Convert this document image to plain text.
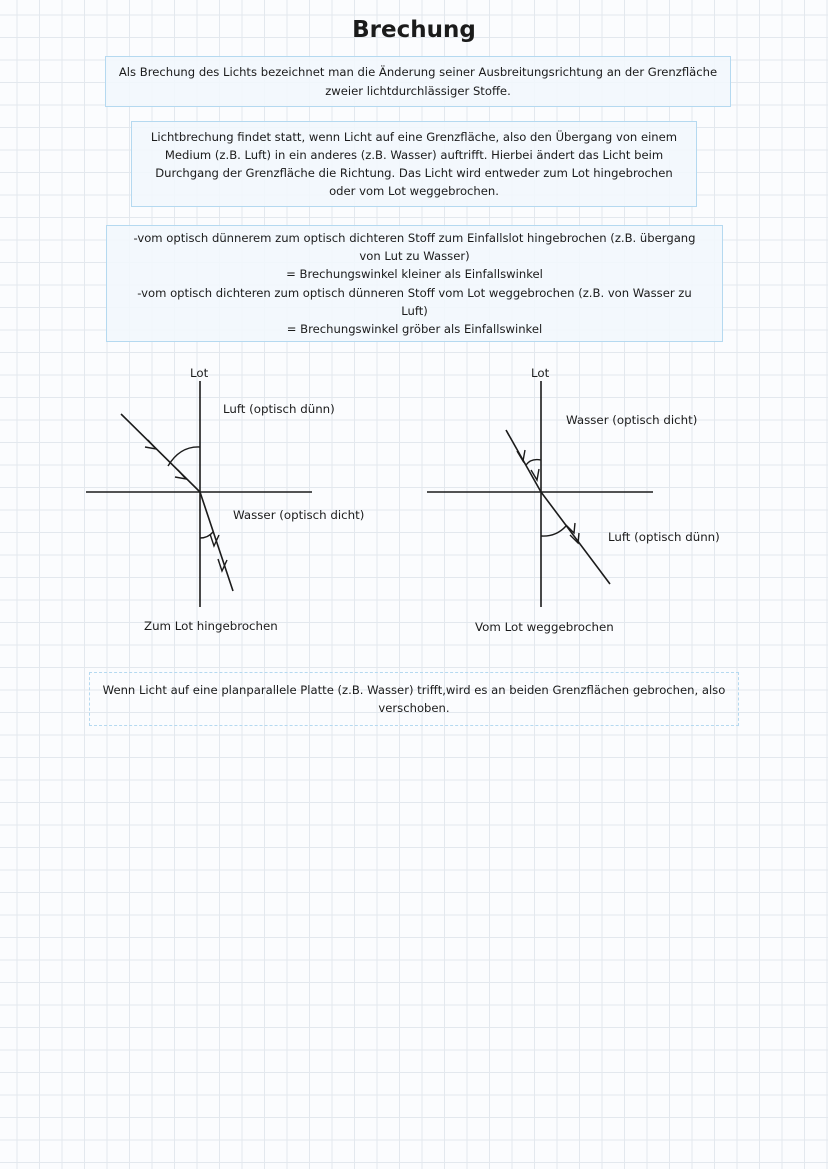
Brechung
Als Brechung des Lichts bezeichnet man die Änderung seiner Ausbreitungsrichtung an der Grenzfläche
zweier lichtdurchlässiger Stoffe.
Lichtbrechung findet statt, wenn Licht auf eine Grenzfläche, also den Übergang von einem
Medium (z.B. Luft) in ein anderes (z.B. Wasser) auftrifft. Hierbei ändert das Licht beim
Durchgang der Grenzfläche die Richtung. Das Licht wird entweder zum Lot hingebrochen
oder vom Lot weggebrochen.
-vom optisch dünnerem zum optisch dichteren Stoff zum Einfallslot hingebrochen (z.B. übergang
von Lut zu Wasser)
= Brechungswinkel kleiner als Einfallswinkel
-vom optisch dichteren zum optisch dünneren Stoff vom Lot weggebrochen (z.B. von Wasser zu
Luft)
= Brechungswinkel gröber als Einfallswinkel
Lot
Luft (optisch dünn)
Wasser (optisch dicht)
Zum Lot hingebrochen
Lot
Wasser (optisch dicht)
Luft (optisch dünn)
Vom Lot weggebrochen
Wenn Licht auf eine planparallele Platte (z.B. Wasser) trifft,wird es an beiden Grenzflächen gebrochen, also
verschoben.
